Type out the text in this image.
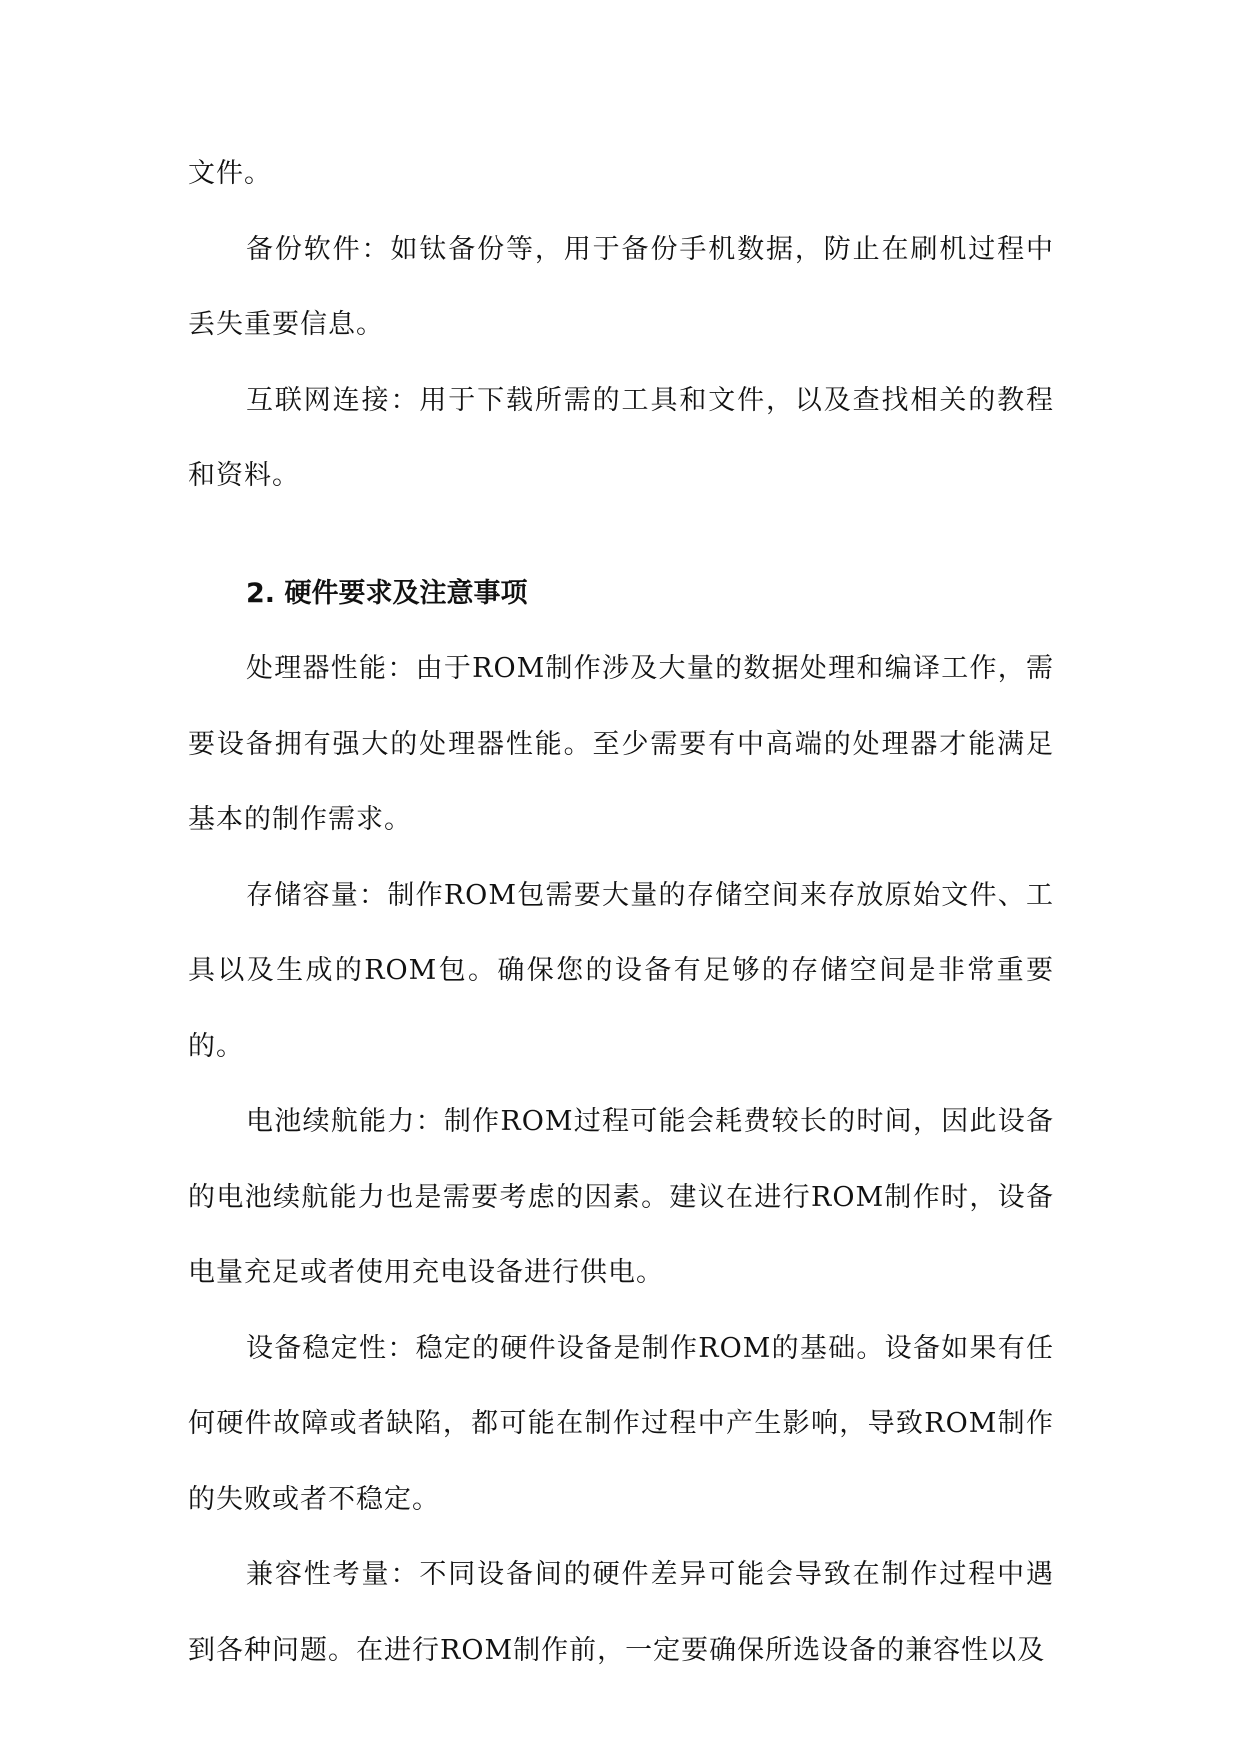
文件。

备份软件：如钛备份等，用于备份手机数据，防止在刷机过程中丢失重要信息。

互联网连接：用于下载所需的工具和文件，以及查找相关的教程和资料。

2. 硬件要求及注意事项

处理器性能：由于ROM制作涉及大量的数据处理和编译工作，需要设备拥有强大的处理器性能。至少需要有中高端的处理器才能满足基本的制作需求。

存储容量：制作ROM包需要大量的存储空间来存放原始文件、工具以及生成的ROM包。确保您的设备有足够的存储空间是非常重要的。

电池续航能力：制作ROM过程可能会耗费较长的时间，因此设备的电池续航能力也是需要考虑的因素。建议在进行ROM制作时，设备电量充足或者使用充电设备进行供电。

设备稳定性：稳定的硬件设备是制作ROM的基础。设备如果有任何硬件故障或者缺陷，都可能在制作过程中产生影响，导致ROM制作的失败或者不稳定。

兼容性考量：不同设备间的硬件差异可能会导致在制作过程中遇到各种问题。在进行ROM制作前，一定要确保所选设备的兼容性以及
